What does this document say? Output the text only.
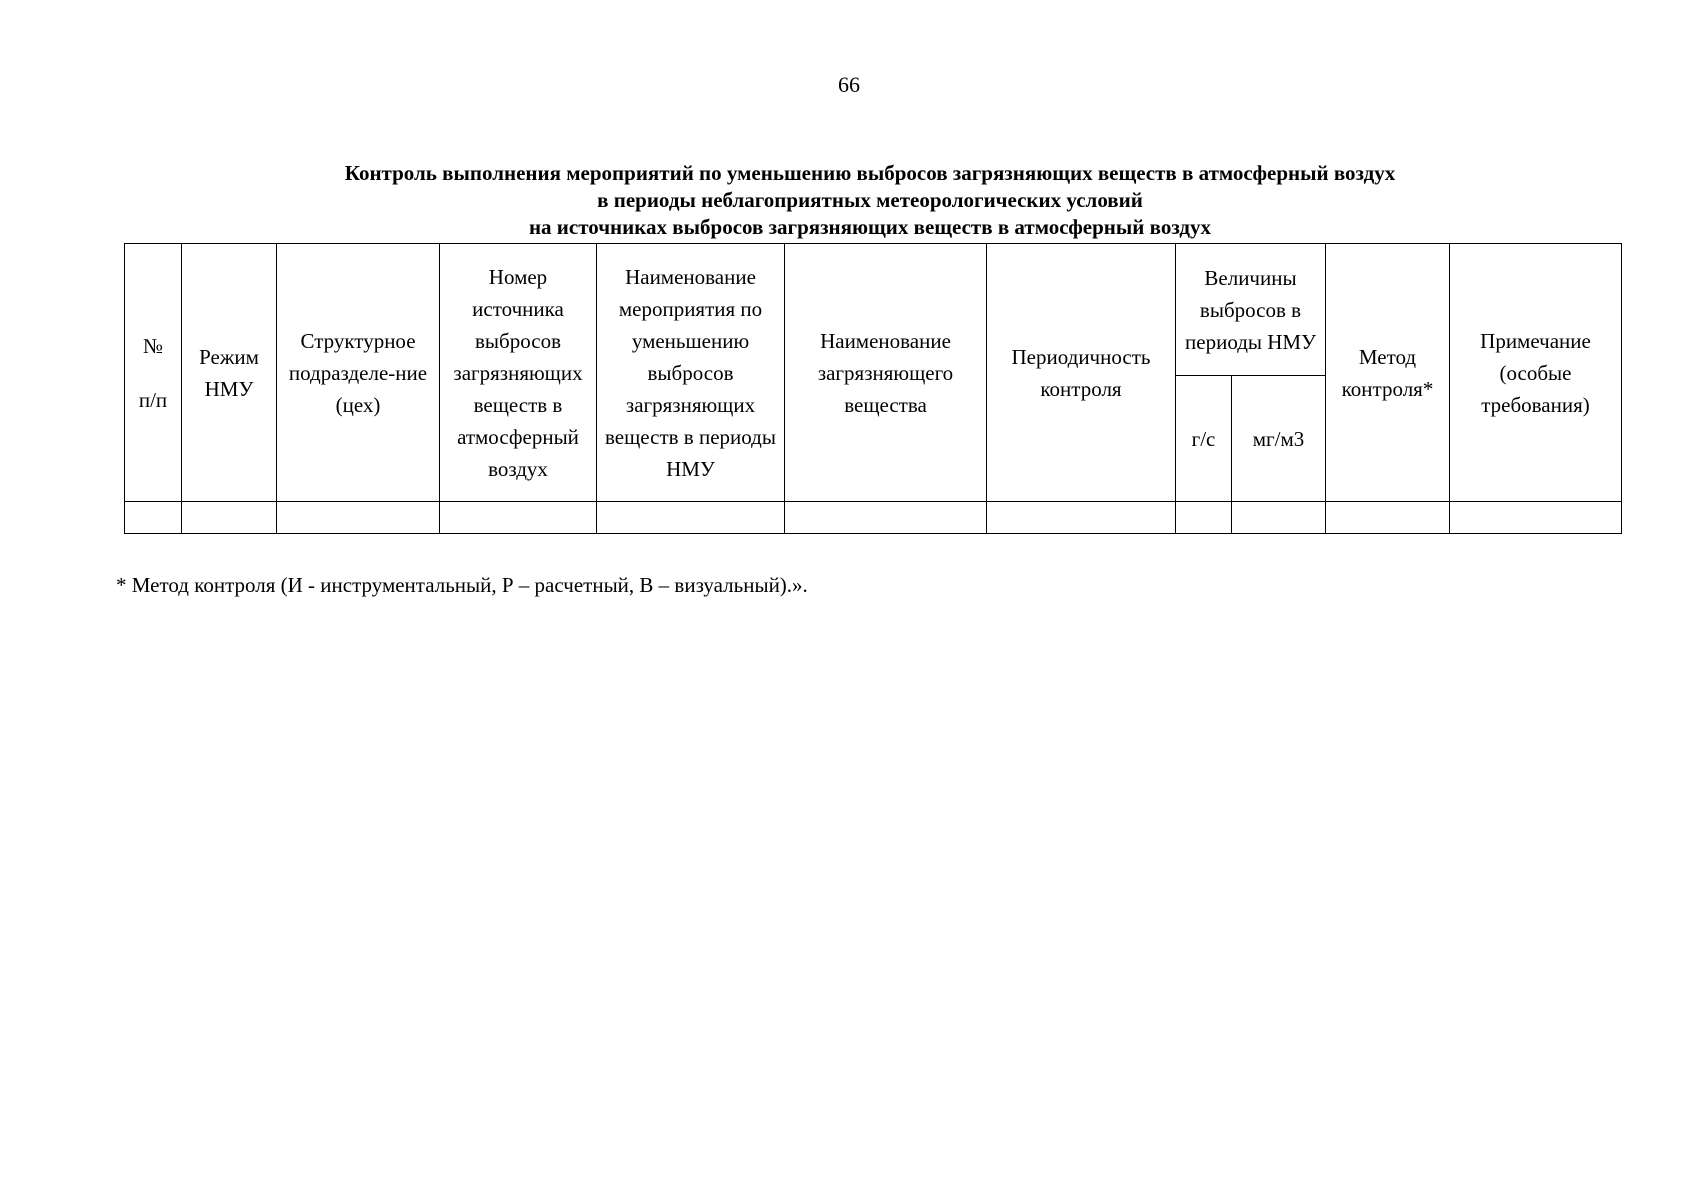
66
Контроль выполнения мероприятий по уменьшению выбросов загрязняющих веществ в атмосферный воздух
в периоды неблагоприятных метеорологических условий
на источниках выбросов загрязняющих веществ в атмосферный воздух
№
п/п	Режим НМУ	Структурное подразделе-ние (цех)	Номер источника выбросов загрязняющих веществ в атмосферный воздух	Наименование мероприятия по уменьшению выбросов загрязняющих веществ в периоды НМУ	Наименование загрязняющего вещества	Периодичность контроля	Величины выбросов в периоды НМУ		Метод контроля*	Примечание (особые требования)

							г/с	мг/м3		

* Метод контроля (И - инструментальный, Р – расчетный, В – визуальный).».
